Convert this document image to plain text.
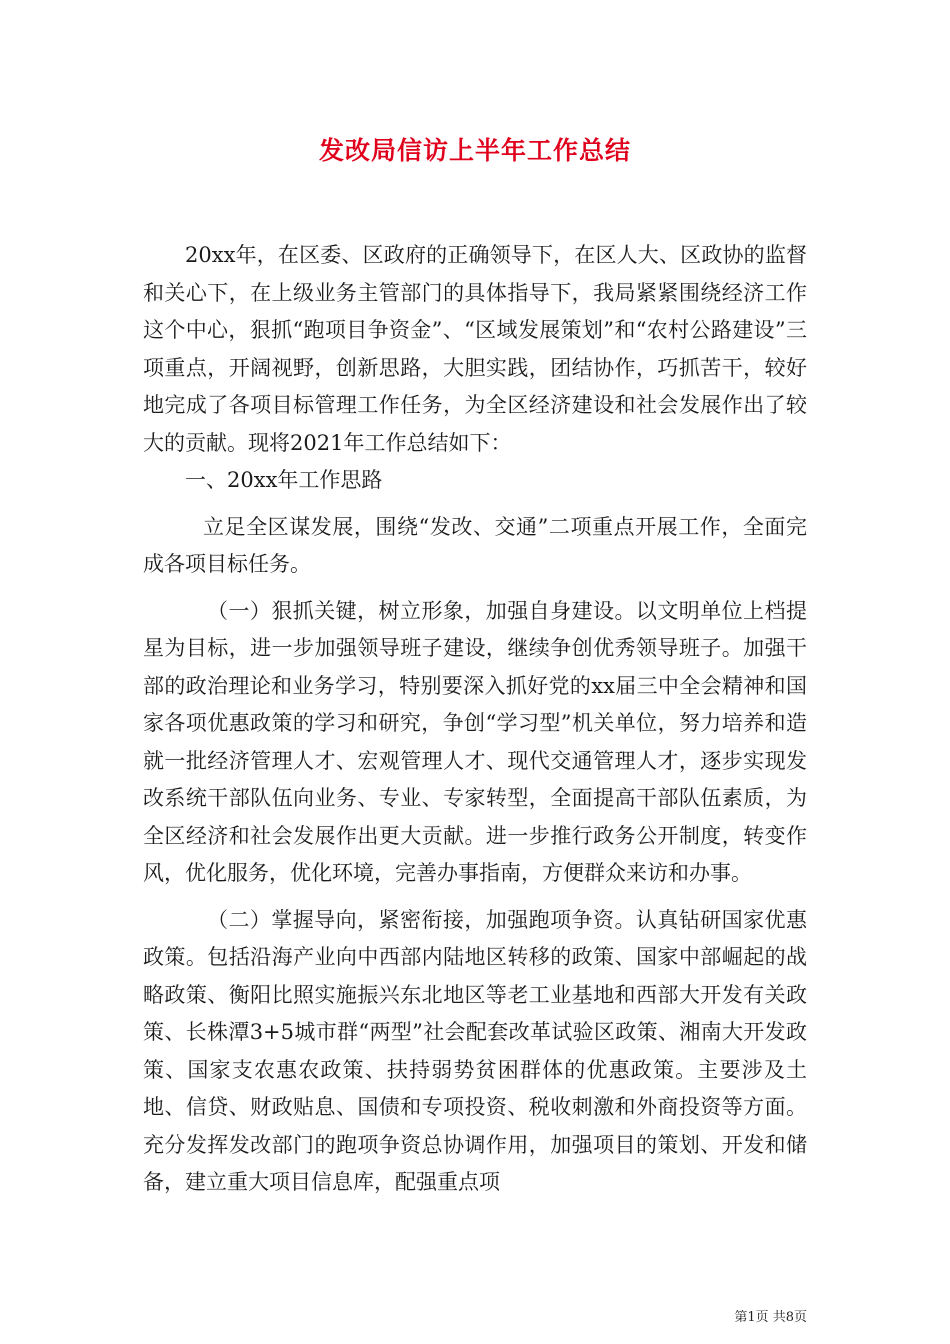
发改局信访上半年工作总结

20xx年，在区委、区政府的正确领导下，在区人大、区政协的监督和关心下，在上级业务主管部门的具体指导下，我局紧紧围绕经济工作这个中心，狠抓“跑项目争资金”、“区域发展策划”和“农村公路建设”三项重点，开阔视野，创新思路，大胆实践，团结协作，巧抓苦干，较好地完成了各项目标管理工作任务，为全区经济建设和社会发展作出了较大的贡献。现将2021年工作总结如下：

一、20xx年工作思路

立足全区谋发展，围绕“发改、交通”二项重点开展工作，全面完成各项目标任务。

（一）狠抓关键，树立形象，加强自身建设。以文明单位上档提星为目标，进一步加强领导班子建设，继续争创优秀领导班子。加强干部的政治理论和业务学习，特别要深入抓好党的xx届三中全会精神和国家各项优惠政策的学习和研究，争创“学习型”机关单位，努力培养和造就一批经济管理人才、宏观管理人才、现代交通管理人才，逐步实现发改系统干部队伍向业务、专业、专家转型，全面提高干部队伍素质，为全区经济和社会发展作出更大贡献。进一步推行政务公开制度，转变作风，优化服务，优化环境，完善办事指南，方便群众来访和办事。

（二）掌握导向，紧密衔接，加强跑项争资。认真钻研国家优惠政策。包括沿海产业向中西部内陆地区转移的政策、国家中部崛起的战略政策、衡阳比照实施振兴东北地区等老工业基地和西部大开发有关政策、长株潭3+5城市群“两型”社会配套改革试验区政策、湘南大开发政策、国家支农惠农政策、扶持弱势贫困群体的优惠政策。主要涉及土地、信贷、财政贴息、国债和专项投资、税收刺激和外商投资等方面。充分发挥发改部门的跑项争资总协调作用，加强项目的策划、开发和储备，建立重大项目信息库，配强重点项

第1页 共8页
